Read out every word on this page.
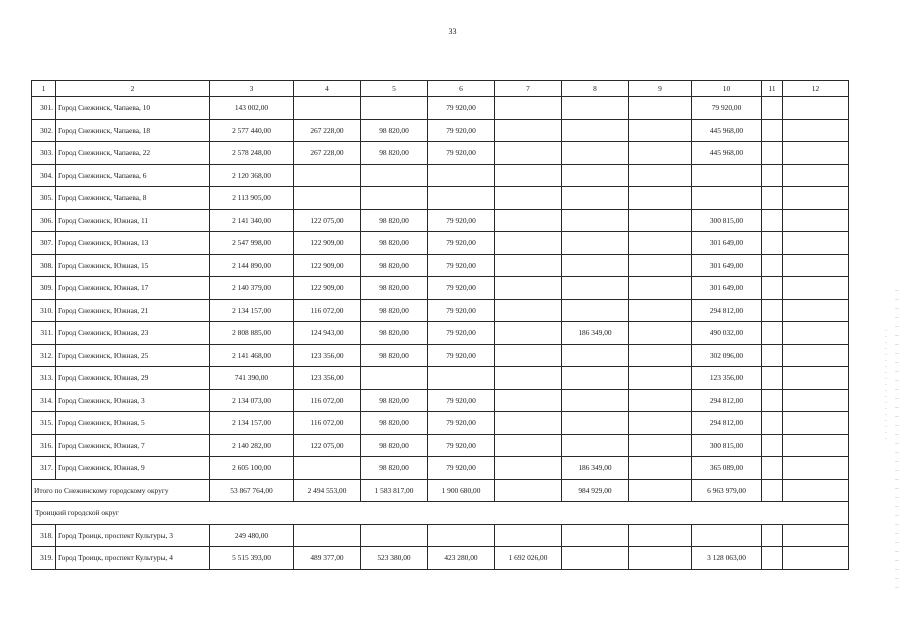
33
1	2	3	4	5	6	7	8	9	10	11	12
301.	Город Снежинск, Чапаева, 10	143 002,00			79 920,00				79 920,00		
302.	Город Снежинск, Чапаева, 18	2 577 440,00	267 228,00	98 820,00	79 920,00				445 968,00		
303.	Город Снежинск, Чапаева, 22	2 578 248,00	267 228,00	98 820,00	79 920,00				445 968,00		
304.	Город Снежинск, Чапаева, 6	2 120 368,00									
305.	Город Снежинск, Чапаева, 8	2 113 905,00									
306.	Город Снежинск, Южная, 11	2 141 340,00	122 075,00	98 820,00	79 920,00				300 815,00		
307.	Город Снежинск, Южная, 13	2 547 998,00	122 909,00	98 820,00	79 920,00				301 649,00		
308.	Город Снежинск, Южная, 15	2 144 890,00	122 909,00	98 820,00	79 920,00				301 649,00		
309.	Город Снежинск, Южная, 17	2 140 379,00	122 909,00	98 820,00	79 920,00				301 649,00		
310.	Город Снежинск, Южная, 21	2 134 157,00	116 072,00	98 820,00	79 920,00				294 812,00		
311.	Город Снежинск, Южная, 23	2 808 885,00	124 943,00	98 820,00	79 920,00		186 349,00		490 032,00		
312.	Город Снежинск, Южная, 25	2 141 468,00	123 356,00	98 820,00	79 920,00				302 096,00		
313.	Город Снежинск, Южная, 29	741 390,00	123 356,00						123 356,00		
314.	Город Снежинск, Южная, 3	2 134 073,00	116 072,00	98 820,00	79 920,00				294 812,00		
315.	Город Снежинск, Южная, 5	2 134 157,00	116 072,00	98 820,00	79 920,00				294 812,00		
316.	Город Снежинск, Южная, 7	2 140 282,00	122 075,00	98 820,00	79 920,00				300 815,00		
317.	Город Снежинск, Южная, 9	2 605 100,00		98 820,00	79 920,00		186 349,00		365 089,00		
Итого по Снежинскому городскому округу		53 867 764,00	2 494 553,00	1 583 817,00	1 900 680,00		984 929,00		6 963 979,00		
Троицкий городской округ											
318.	Город Троицк, проспект Культуры, 3	249 480,00									
319.	Город Троицк, проспект Культуры, 4	5 515 393,00	489 377,00	523 380,00	423 280,00	1 692 026,00			3 128 063,00		
